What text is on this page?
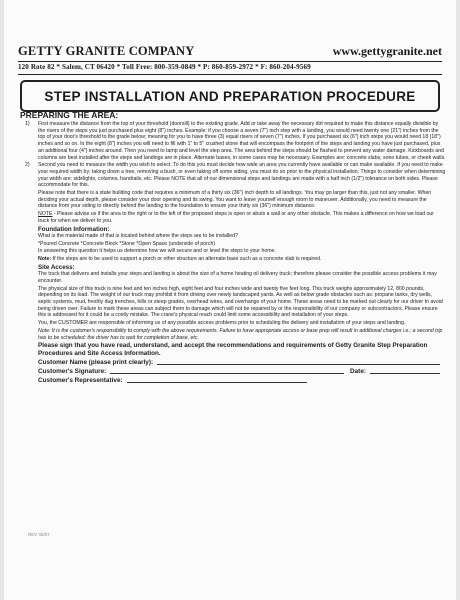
GETTY GRANITE COMPANY	www.gettygranite.net
120 Rote 82 * Salem, CT 06420 * Toll Free: 800-359-0849 * P: 860-859-2972 * F: 860-204-9569
STEP INSTALLATION AND PREPARATION PROCEDURE
PREPARING THE AREA:
1) First measure the distance from the top of your threshold (doorsill) to the existing grade. Add or take away the necessary dirt required to make this distance equally divisible by the risers of the steps you just purchased plus eight (8") inches. Example: if you choose a seven (7") inch step with a landing, you would need twenty one (21") inches from the top of your door's threshold to the grade below; meaning for you to have three (3) equal risers of seven (7") inches. If you purchased six (6") inch steps you would need 18 (18") inches and so on. In the eight (8") inches you will need to fill with 1" to 5" crushed stone that will encompass the footprint of the steps and landing you have just purchased, plus an additional four (4") inches around. Then you need to tamp and level the step area. The area behind the steps should be flashed to prevent any water damage. Kickboards and columns are best installed after the steps and landings are in place. Alternate bases, in some cases may be necessary. Examples are: concrete slabs, sono tubes, or cheek walls.
2) Second you need to measure the width you wish to select. To do this you must decide how wide an area you currently have available or can make available. If you need to make your required width by: taking down a tree, removing a bush, or even taking off some siding, you must do so prior to the physical installation. Things to consider when determining your width are: sidelights, columns, handrails, etc. Please NOTE that all of our dimensional steps and landings are made with a half inch (1/2") tolerance on both sides. Please accommodate for this.
Please note that there is a state building code that requires a minimum of a thirty six (36") inch depth to all landings. You may go larger than this, just not any smaller. When deciding your actual depth, please consider your door opening and its swing. You want to leave yourself enough room to maneuver. Additionally, you need to measure the distance from your siding to directly behind the landing to the foundation to ensure your thirty six (36") minimum distance.
NOTE - Please advise us if the area to the right or to the left of the proposed steps is open or abuts a wall or any other obstacle. This makes a difference on how we load our truck for when we deliver to you.
Foundation Information:
What is the material made of that is located behind where the steps are to be installed?
*Poured Concrete *Concrete Block *Stone *Open Space (underside of porch)
In answering this question it helps us determine how we will secure and or level the steps to your home.
Note: If the steps are to be used to support a porch or other structure an alternate base such as a concrete slab is required.
Site Access:
The truck that delivers and installs your steps and landing is about the size of a home heating oil delivery truck; therefore please consider the possible access problems it may encounter.
The physical size of this truck is nine feet and ten inches high, eight feet and four inches wide and twenty five feet long. This truck weighs approximately 12, 800 pounds, depending on its load. The weight of our truck may prohibit it from driving over newly landscaped yards. As well as below grade obstacles such as: propane tanks, dry wells, septic systems, mud, freshly dug trenches, hills or steep grades, overhead wires, and overhangs of your home. These areas need to be marked out clearly for our driver to avoid being driven over. Failure to mark these areas can subject them to damage which will not be repaired by or the responsibility of our company or subcontractors. Please ensure this is addressed for it could be a costly mistake. The crane's physical reach could limit some accessibility and installation of your steps.
You, the CUSTOMER are responsible of informing us of any possible access problems prior to scheduling the delivery and installation of your steps and landing.
Note: It is the customer's responsibility to comply with the above requirements. Failure to have appropriate access or base prep will result in additional charges i.e.; a second trip has to be scheduled; the driver has to wait for completion of base, etc.
Please sign that you have read, understand, and accept the recommendations and requirements of Getty Granite Step Preparation Procedures and Site Access Information.
Customer Name (please print clearly):
Customer's Signature:	Date:
Customer's Representative:
REV 05/07
